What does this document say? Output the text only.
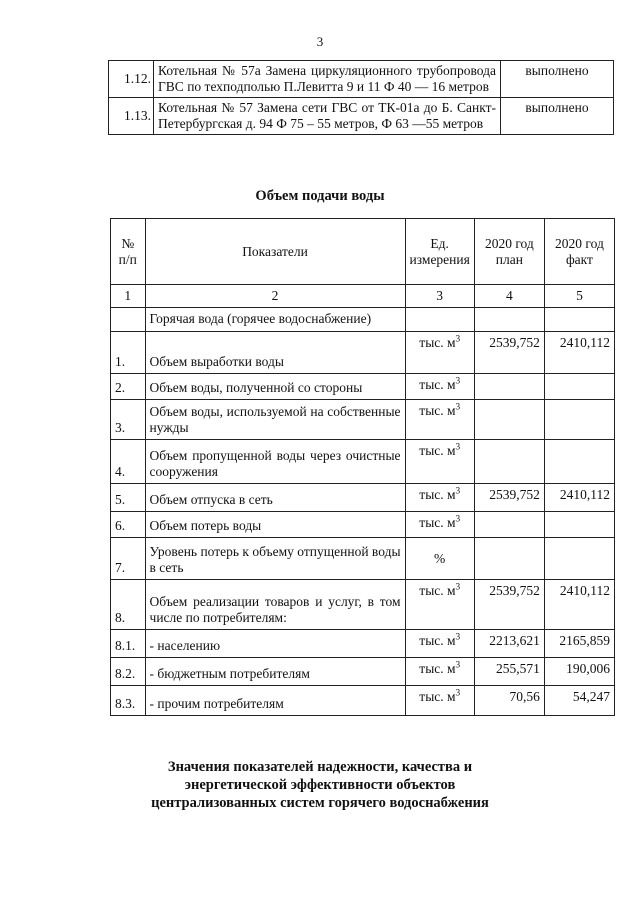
3
1.12.	Котельная № 57а Замена циркуляционного трубопровода ГВС по техподполью П.Левитта 9 и 11 Ф 40 — 16 метров	выполнено
1.13.	Котельная № 57 Замена сети ГВС от ТК-01а до Б. Санкт- Петербургская д. 94 Ф 75 – 55 метров, Ф 63 —55 метров	выполнено
Объем подачи воды
№ п/п	Показатели	Ед. измерения	2020 год план	2020 год факт
1	2	3	4	5
	Горячая вода (горячее водоснабжение)			
1.	Объем выработки воды	тыс. $м^3$	2539,752	2410,112
2.	Объем воды, полученной со стороны	тыс. $м^3$		
3.	Объем воды, используемой на собственные нужды	тыс. $м^3$		
4.	Объем пропущенной воды через очистные сооружения	тыс. $м^3$		
5.	Объем отпуска в сеть	тыс. $м^3$	2539,752	2410,112
6.	Объем потерь воды	тыс. $м^3$		
7.	Уровень потерь к объему отпущенной воды в сеть	%		
8.	Объем реализации товаров и услуг, в том числе по потребителям:	тыс. $м^3$	2539,752	2410,112
8.1.	- населению	тыс. $м^3$	2213,621	2165,859
8.2.	- бюджетным потребителям	тыс. $м^3$	255,571	190,006
8.3.	- прочим потребителям	тыс. $м^3$	70,56	54,247
Значения показателей надежности, качества и энергетической эффективности объектов централизованных систем горячего водоснабжения
